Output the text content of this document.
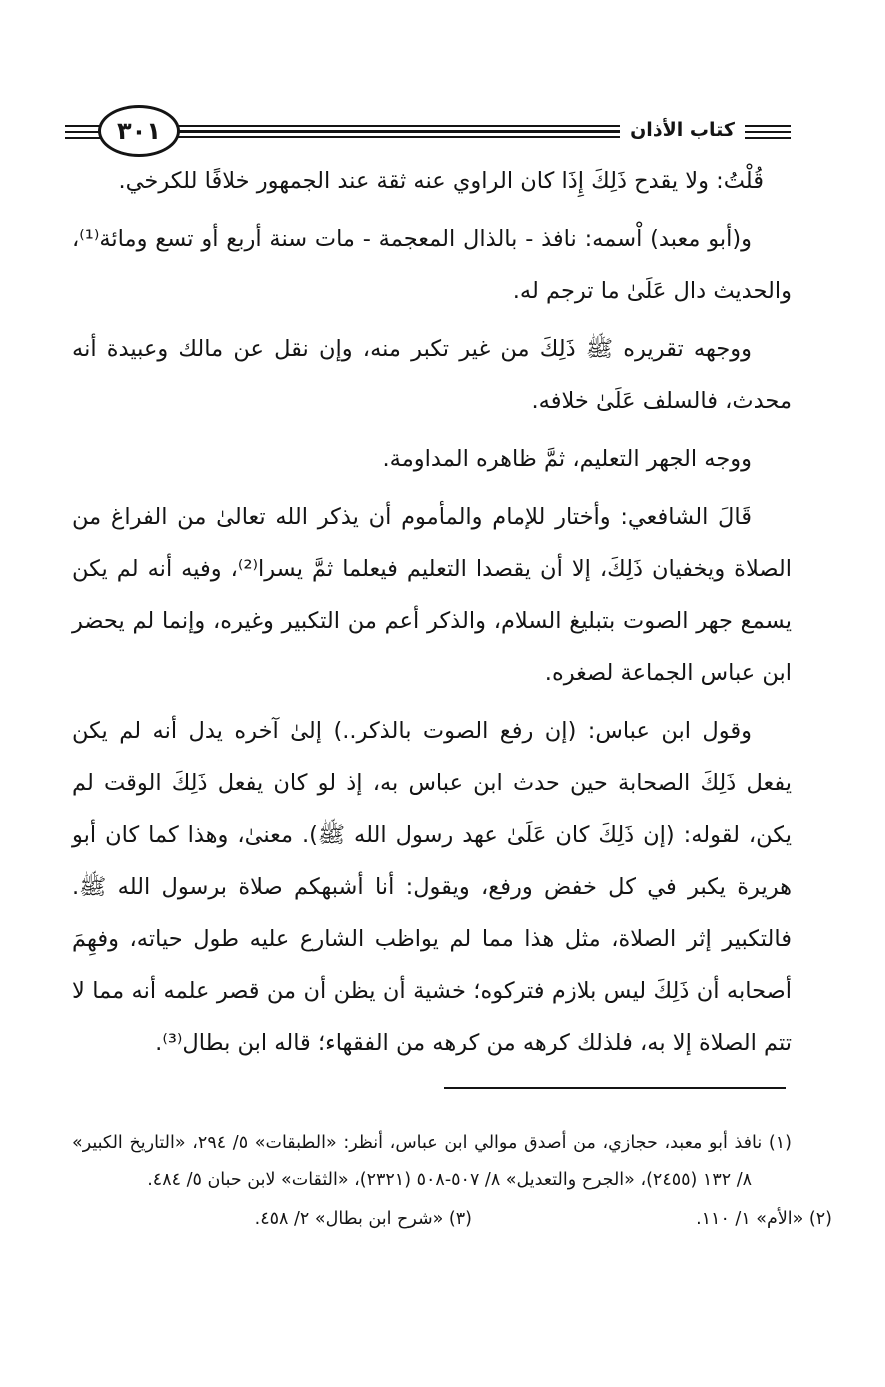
كتاب الأذان
٣٠١

قُلْتُ: ولا يقدح ذَلِكَ إِذَا كان الراوي عنه ثقة عند الجمهور خلافًا للكرخي.

و(أبو معبد) اْسمه: نافذ - بالذال المعجمة - مات سنة أربع أو تسع ومائة⁽¹⁾، والحديث دال عَلَىٰ ما ترجم له.

ووجهه تقريره ﷺ ذَلِكَ من غير تكبر منه، وإن نقل عن مالك وعبيدة أنه محدث، فالسلف عَلَىٰ خلافه.

ووجه الجهر التعليم، ثمَّ ظاهره المداومة.

قَالَ الشافعي: وأختار للإمام والمأموم أن يذكر الله تعالىٰ من الفراغ من الصلاة ويخفيان ذَلِكَ، إلا أن يقصدا التعليم فيعلما ثمَّ يسرا⁽²⁾، وفيه أنه لم يكن يسمع جهر الصوت بتبليغ السلام، والذكر أعم من التكبير وغيره، وإنما لم يحضر ابن عباس الجماعة لصغره.

وقول ابن عباس: (إن رفع الصوت بالذكر..) إلىٰ آخره يدل أنه لم يكن يفعل ذَلِكَ الصحابة حين حدث ابن عباس به، إذ لو كان يفعل ذَلِكَ الوقت لم يكن، لقوله: (إن ذَلِكَ كان عَلَىٰ عهد رسول الله ﷺ). معنىٰ، وهذا كما كان أبو هريرة يكبر في كل خفض ورفع، ويقول: أنا أشبهكم صلاة برسول الله ﷺ. فالتكبير إثر الصلاة، مثل هذا مما لم يواظب الشارع عليه طول حياته، وفهِمَ أصحابه أن ذَلِكَ ليس بلازم فتركوه؛ خشية أن يظن أن من قصر علمه أنه مما لا تتم الصلاة إلا به، فلذلك كرهه من كرهه من الفقهاء؛ قاله ابن بطال⁽³⁾.

(١) نافذ أبو معبد، حجازي، من أصدق موالي ابن عباس، أنظر: «الطبقات» ٥/ ٢٩٤، «التاريخ الكبير» ٨/ ١٣٢ (٢٤٥٥)، «الجرح والتعديل» ٨/ ٥٠٧-٥٠٨ (٢٣٢١)، «الثقات» لابن حبان ٥/ ٤٨٤.

(٢) «الأم» ١/ ١١٠.

(٣) «شرح ابن بطال» ٢/ ٤٥٨.
